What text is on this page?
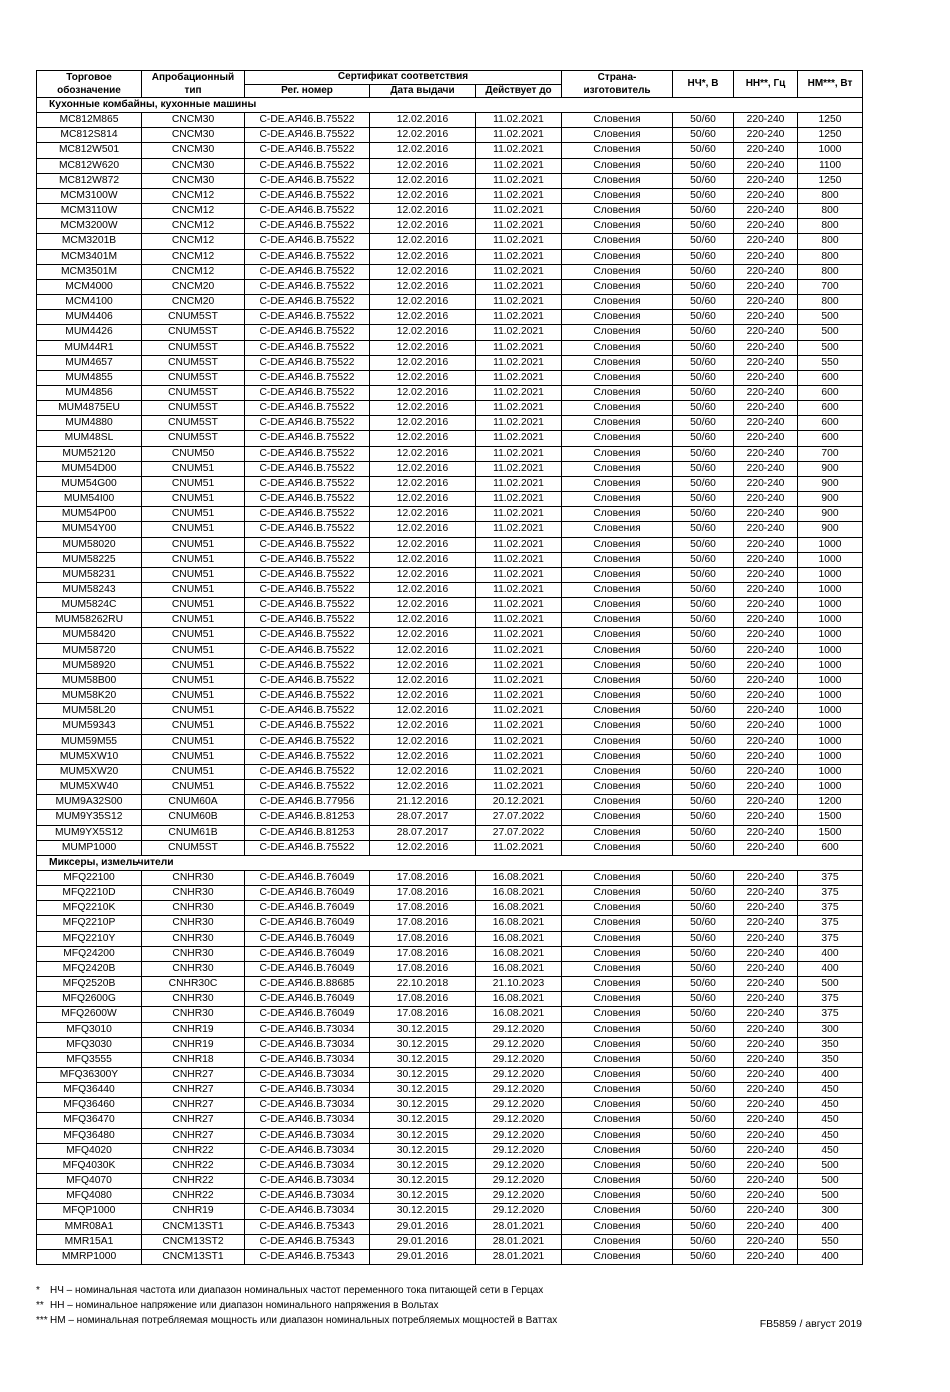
Торговое обозначение	Апробационный тип	Сертификат соответствия			Страна-изготовитель	НЧ*, В	НН**, Гц	НМ***, Вт
		Рег. номер	Дата выдачи	Действует до				
Кухонные комбайны, кухонные машины								
MC812M865	CNCM30	C-DE.АЯ46.В.75522	12.02.2016	11.02.2021	Словения	50/60	220-240	1250
MC812S814	CNCM30	C-DE.АЯ46.В.75522	12.02.2016	11.02.2021	Словения	50/60	220-240	1250
MC812W501	CNCM30	C-DE.АЯ46.В.75522	12.02.2016	11.02.2021	Словения	50/60	220-240	1000
MC812W620	CNCM30	C-DE.АЯ46.В.75522	12.02.2016	11.02.2021	Словения	50/60	220-240	1100
MC812W872	CNCM30	C-DE.АЯ46.В.75522	12.02.2016	11.02.2021	Словения	50/60	220-240	1250
MCM3100W	CNCM12	C-DE.АЯ46.В.75522	12.02.2016	11.02.2021	Словения	50/60	220-240	800
MCM3110W	CNCM12	C-DE.АЯ46.В.75522	12.02.2016	11.02.2021	Словения	50/60	220-240	800
MCM3200W	CNCM12	C-DE.АЯ46.В.75522	12.02.2016	11.02.2021	Словения	50/60	220-240	800
MCM3201B	CNCM12	C-DE.АЯ46.В.75522	12.02.2016	11.02.2021	Словения	50/60	220-240	800
MCM3401M	CNCM12	C-DE.АЯ46.В.75522	12.02.2016	11.02.2021	Словения	50/60	220-240	800
MCM3501M	CNCM12	C-DE.АЯ46.В.75522	12.02.2016	11.02.2021	Словения	50/60	220-240	800
MCM4000	CNCM20	C-DE.АЯ46.В.75522	12.02.2016	11.02.2021	Словения	50/60	220-240	700
MCM4100	CNCM20	C-DE.АЯ46.В.75522	12.02.2016	11.02.2021	Словения	50/60	220-240	800
MUM4406	CNUM5ST	C-DE.АЯ46.В.75522	12.02.2016	11.02.2021	Словения	50/60	220-240	500
MUM4426	CNUM5ST	C-DE.АЯ46.В.75522	12.02.2016	11.02.2021	Словения	50/60	220-240	500
MUM44R1	CNUM5ST	C-DE.АЯ46.В.75522	12.02.2016	11.02.2021	Словения	50/60	220-240	500
MUM4657	CNUM5ST	C-DE.АЯ46.В.75522	12.02.2016	11.02.2021	Словения	50/60	220-240	550
MUM4855	CNUM5ST	C-DE.АЯ46.В.75522	12.02.2016	11.02.2021	Словения	50/60	220-240	600
MUM4856	CNUM5ST	C-DE.АЯ46.В.75522	12.02.2016	11.02.2021	Словения	50/60	220-240	600
MUM4875EU	CNUM5ST	C-DE.АЯ46.В.75522	12.02.2016	11.02.2021	Словения	50/60	220-240	600
MUM4880	CNUM5ST	C-DE.АЯ46.В.75522	12.02.2016	11.02.2021	Словения	50/60	220-240	600
MUM48SL	CNUM5ST	C-DE.АЯ46.В.75522	12.02.2016	11.02.2021	Словения	50/60	220-240	600
MUM52120	CNUM50	C-DE.АЯ46.В.75522	12.02.2016	11.02.2021	Словения	50/60	220-240	700
MUM54D00	CNUM51	C-DE.АЯ46.В.75522	12.02.2016	11.02.2021	Словения	50/60	220-240	900
MUM54G00	CNUM51	C-DE.АЯ46.В.75522	12.02.2016	11.02.2021	Словения	50/60	220-240	900
MUM54I00	CNUM51	C-DE.АЯ46.В.75522	12.02.2016	11.02.2021	Словения	50/60	220-240	900
MUM54P00	CNUM51	C-DE.АЯ46.В.75522	12.02.2016	11.02.2021	Словения	50/60	220-240	900
MUM54Y00	CNUM51	C-DE.АЯ46.В.75522	12.02.2016	11.02.2021	Словения	50/60	220-240	900
MUM58020	CNUM51	C-DE.АЯ46.В.75522	12.02.2016	11.02.2021	Словения	50/60	220-240	1000
MUM58225	CNUM51	C-DE.АЯ46.В.75522	12.02.2016	11.02.2021	Словения	50/60	220-240	1000
MUM58231	CNUM51	C-DE.АЯ46.В.75522	12.02.2016	11.02.2021	Словения	50/60	220-240	1000
MUM58243	CNUM51	C-DE.АЯ46.В.75522	12.02.2016	11.02.2021	Словения	50/60	220-240	1000
MUM5824C	CNUM51	C-DE.АЯ46.В.75522	12.02.2016	11.02.2021	Словения	50/60	220-240	1000
MUM58262RU	CNUM51	C-DE.АЯ46.В.75522	12.02.2016	11.02.2021	Словения	50/60	220-240	1000
MUM58420	CNUM51	C-DE.АЯ46.В.75522	12.02.2016	11.02.2021	Словения	50/60	220-240	1000
MUM58720	CNUM51	C-DE.АЯ46.В.75522	12.02.2016	11.02.2021	Словения	50/60	220-240	1000
MUM58920	CNUM51	C-DE.АЯ46.В.75522	12.02.2016	11.02.2021	Словения	50/60	220-240	1000
MUM58B00	CNUM51	C-DE.АЯ46.В.75522	12.02.2016	11.02.2021	Словения	50/60	220-240	1000
MUM58K20	CNUM51	C-DE.АЯ46.В.75522	12.02.2016	11.02.2021	Словения	50/60	220-240	1000
MUM58L20	CNUM51	C-DE.АЯ46.В.75522	12.02.2016	11.02.2021	Словения	50/60	220-240	1000
MUM59343	CNUM51	C-DE.АЯ46.В.75522	12.02.2016	11.02.2021	Словения	50/60	220-240	1000
MUM59M55	CNUM51	C-DE.АЯ46.В.75522	12.02.2016	11.02.2021	Словения	50/60	220-240	1000
MUM5XW10	CNUM51	C-DE.АЯ46.В.75522	12.02.2016	11.02.2021	Словения	50/60	220-240	1000
MUM5XW20	CNUM51	C-DE.АЯ46.В.75522	12.02.2016	11.02.2021	Словения	50/60	220-240	1000
MUM5XW40	CNUM51	C-DE.АЯ46.В.75522	12.02.2016	11.02.2021	Словения	50/60	220-240	1000
MUM9A32S00	CNUM60A	C-DE.АЯ46.В.77956	21.12.2016	20.12.2021	Словения	50/60	220-240	1200
MUM9Y35S12	CNUM60B	C-DE.АЯ46.В.81253	28.07.2017	27.07.2022	Словения	50/60	220-240	1500
MUM9YX5S12	CNUM61B	C-DE.АЯ46.В.81253	28.07.2017	27.07.2022	Словения	50/60	220-240	1500
MUMP1000	CNUM5ST	C-DE.АЯ46.В.75522	12.02.2016	11.02.2021	Словения	50/60	220-240	600
Миксеры, измельчители								
MFQ22100	CNHR30	C-DE.АЯ46.В.76049	17.08.2016	16.08.2021	Словения	50/60	220-240	375
MFQ2210D	CNHR30	C-DE.АЯ46.В.76049	17.08.2016	16.08.2021	Словения	50/60	220-240	375
MFQ2210K	CNHR30	C-DE.АЯ46.В.76049	17.08.2016	16.08.2021	Словения	50/60	220-240	375
MFQ2210P	CNHR30	C-DE.АЯ46.В.76049	17.08.2016	16.08.2021	Словения	50/60	220-240	375
MFQ2210Y	CNHR30	C-DE.АЯ46.В.76049	17.08.2016	16.08.2021	Словения	50/60	220-240	375
MFQ24200	CNHR30	C-DE.АЯ46.В.76049	17.08.2016	16.08.2021	Словения	50/60	220-240	400
MFQ2420B	CNHR30	C-DE.АЯ46.В.76049	17.08.2016	16.08.2021	Словения	50/60	220-240	400
MFQ2520B	CNHR30C	C-DE.АЯ46.В.88685	22.10.2018	21.10.2023	Словения	50/60	220-240	500
MFQ2600G	CNHR30	C-DE.АЯ46.В.76049	17.08.2016	16.08.2021	Словения	50/60	220-240	375
MFQ2600W	CNHR30	C-DE.АЯ46.В.76049	17.08.2016	16.08.2021	Словения	50/60	220-240	375
MFQ3010	CNHR19	C-DE.АЯ46.В.73034	30.12.2015	29.12.2020	Словения	50/60	220-240	300
MFQ3030	CNHR19	C-DE.АЯ46.В.73034	30.12.2015	29.12.2020	Словения	50/60	220-240	350
MFQ3555	CNHR18	C-DE.АЯ46.В.73034	30.12.2015	29.12.2020	Словения	50/60	220-240	350
MFQ36300Y	CNHR27	C-DE.АЯ46.В.73034	30.12.2015	29.12.2020	Словения	50/60	220-240	400
MFQ36440	CNHR27	C-DE.АЯ46.В.73034	30.12.2015	29.12.2020	Словения	50/60	220-240	450
MFQ36460	CNHR27	C-DE.АЯ46.В.73034	30.12.2015	29.12.2020	Словения	50/60	220-240	450
MFQ36470	CNHR27	C-DE.АЯ46.В.73034	30.12.2015	29.12.2020	Словения	50/60	220-240	450
MFQ36480	CNHR27	C-DE.АЯ46.В.73034	30.12.2015	29.12.2020	Словения	50/60	220-240	450
MFQ4020	CNHR22	C-DE.АЯ46.В.73034	30.12.2015	29.12.2020	Словения	50/60	220-240	450
MFQ4030K	CNHR22	C-DE.АЯ46.В.73034	30.12.2015	29.12.2020	Словения	50/60	220-240	500
MFQ4070	CNHR22	C-DE.АЯ46.В.73034	30.12.2015	29.12.2020	Словения	50/60	220-240	500
MFQ4080	CNHR22	C-DE.АЯ46.В.73034	30.12.2015	29.12.2020	Словения	50/60	220-240	500
MFQP1000	CNHR19	C-DE.АЯ46.В.73034	30.12.2015	29.12.2020	Словения	50/60	220-240	300
MMR08A1	CNCM13ST1	C-DE.АЯ46.В.75343	29.01.2016	28.01.2021	Словения	50/60	220-240	400
MMR15A1	CNCM13ST2	C-DE.АЯ46.В.75343	29.01.2016	28.01.2021	Словения	50/60	220-240	550
MMRP1000	CNCM13ST1	C-DE.АЯ46.В.75343	29.01.2016	28.01.2021	Словения	50/60	220-240	400
*	НЧ – номинальная частота или диапазон номинальных частот переменного тока питающей сети в Герцах
** НН – номинальное напряжение или диапазон номинального напряжения в Вольтах
*** НМ – номинальная потребляемая мощность или диапазон номинальных потребляемых мощностей в Ваттах	FB5859 / август 2019
